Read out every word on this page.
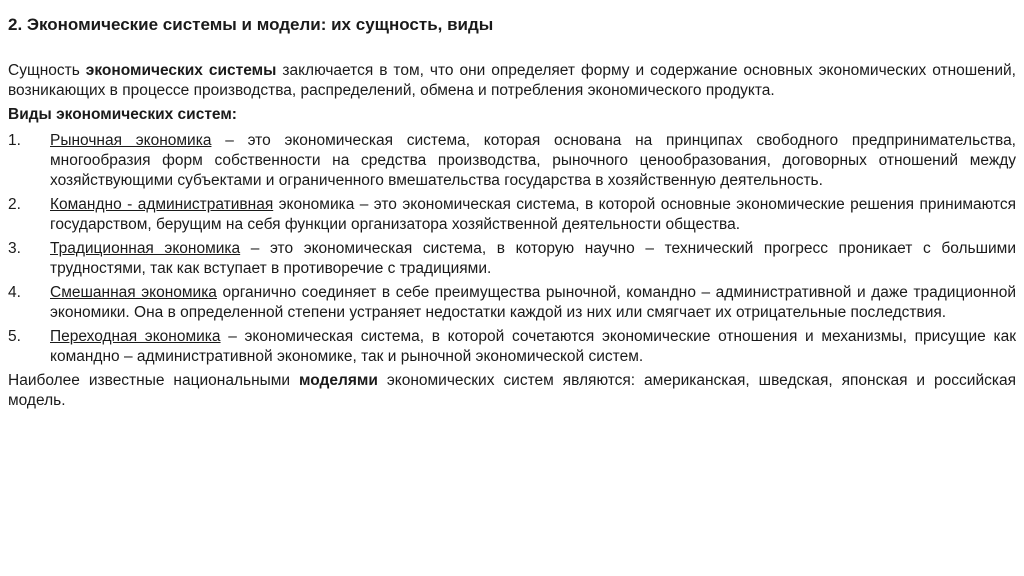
2. Экономические системы и модели: их сущность, виды

Сущность экономических системы заключается в том, что они определяет форму и содержание основных экономических отношений, возникающих в процессе производства, распределений, обмена и потребления экономического продукта.

Виды экономических систем:

1.	Рыночная экономика – это экономическая система, которая основана на принципах свободного предпринимательства, многообразия форм собственности на средства производства, рыночного ценообразования, договорных отношений между хозяйствующими субъектами и ограниченного вмешательства государства в хозяйственную деятельность.
2.	Командно - административная экономика – это экономическая система, в которой основные экономические решения принимаются государством, берущим на себя функции организатора хозяйственной деятельности общества.
3.	Традиционная экономика – это экономическая система, в которую научно – технический прогресс проникает с большими трудностями, так как вступает в противоречие с традициями.
4.	Смешанная экономика органично соединяет в себе преимущества рыночной, командно – административной и даже традиционной экономики. Она в определенной степени устраняет недостатки каждой из них или смягчает их отрицательные последствия.
5.	Переходная экономика – экономическая система, в которой сочетаются экономические отношения и механизмы, присущие как командно – административной экономике, так и рыночной экономической систем.

Наиболее известные национальными моделями экономических систем являются: американская, шведская, японская и российская модель.
